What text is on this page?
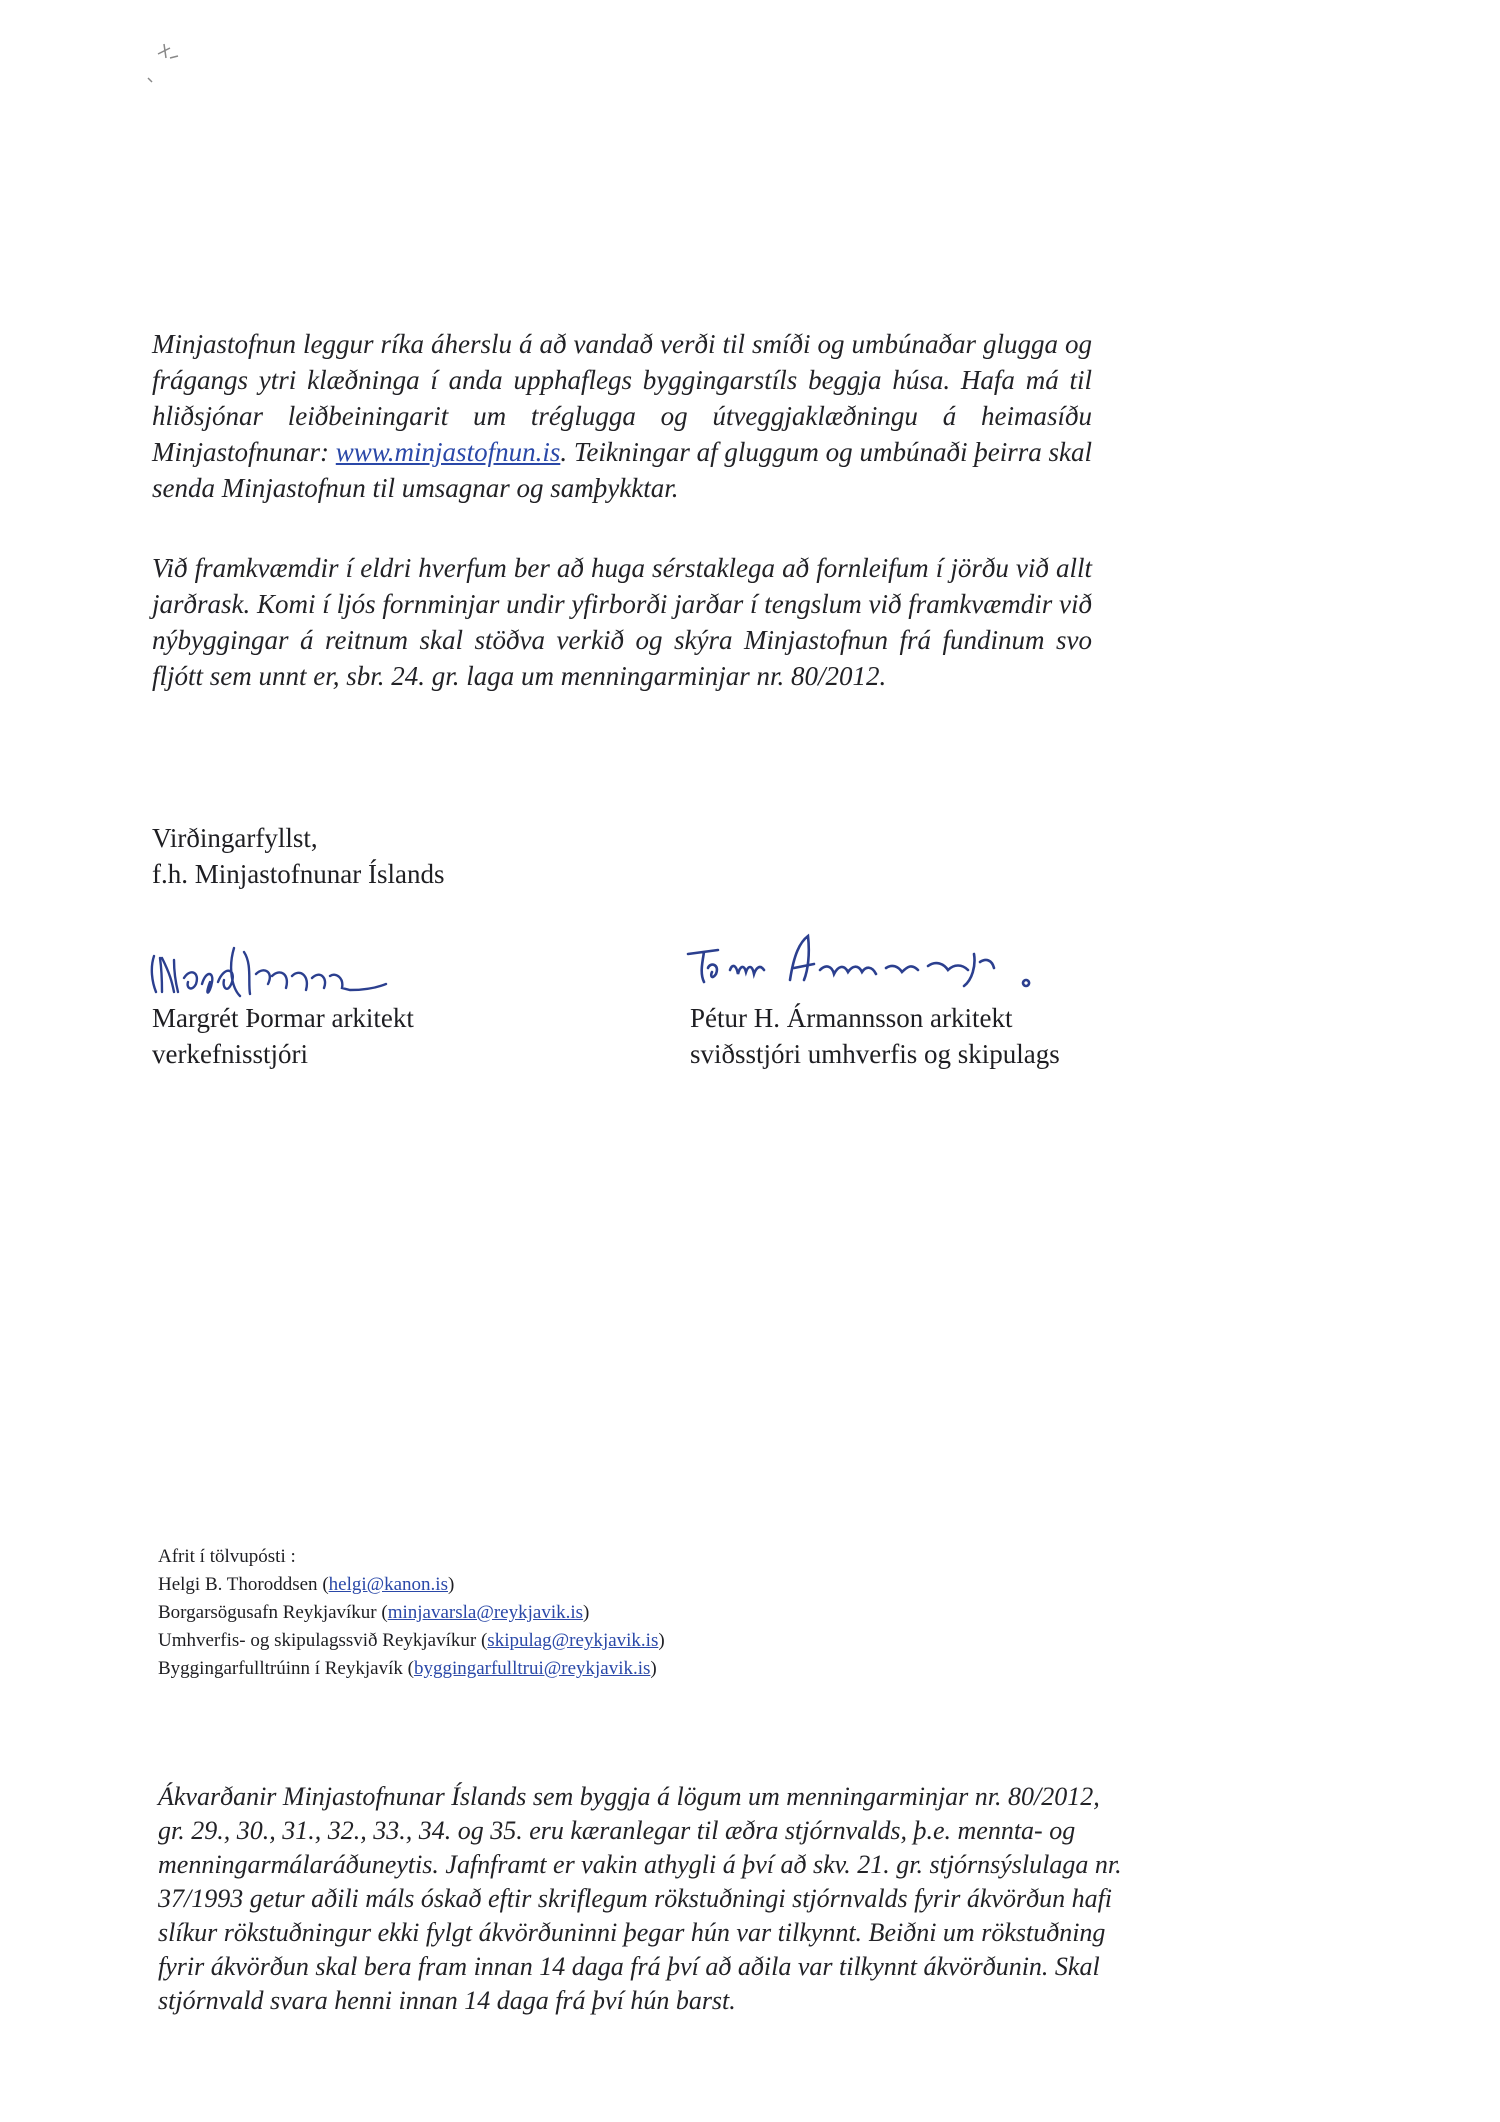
Minjastofnun leggur ríka áherslu á að vandað verði til smíði og umbúnaðar glugga og frágangs ytri klæðninga í anda upphaflegs byggingarstíls beggja húsa. Hafa má til hliðsjónar leiðbeiningarit um tréglugga og útveggjaklæðningu á heimasíðu Minjastofnunar: www.minjastofnun.is. Teikningar af gluggum og umbúnaði þeirra skal senda Minjastofnun til umsagnar og samþykktar.

Við framkvæmdir í eldri hverfum ber að huga sérstaklega að fornleifum í jörðu við allt jarðrask. Komi í ljós fornminjar undir yfirborði jarðar í tengslum við framkvæmdir við nýbyggingar á reitnum skal stöðva verkið og skýra Minjastofnun frá fundinum svo fljótt sem unnt er, sbr. 24. gr. laga um menningarminjar nr. 80/2012.

Virðingarfyllst,
f.h. Minjastofnunar Íslands
Margrét Þormar arkitekt
verkefnisstjóri
Pétur H. Ármannsson arkitekt
sviðsstjóri umhverfis og skipulags
Afrit í tölvupósti :
Helgi B. Thoroddsen (helgi@kanon.is)
Borgarsögusafn Reykjavíkur (minjavarsla@reykjavik.is)
Umhverfis- og skipulagssvið Reykjavíkur (skipulag@reykjavik.is)
Byggingarfulltrúinn í Reykjavík (byggingarfulltrui@reykjavik.is)

Ákvarðanir Minjastofnunar Íslands sem byggja á lögum um menningarminjar nr. 80/2012, gr. 29., 30., 31., 32., 33., 34. og 35. eru kæranlegar til æðra stjórnvalds, þ.e. mennta- og menningarmálaráðuneytis. Jafnframt er vakin athygli á því að skv. 21. gr. stjórnsýslulaga nr. 37/1993 getur aðili máls óskað eftir skriflegum rökstuðningi stjórnvalds fyrir ákvörðun hafi slíkur rökstuðningur ekki fylgt ákvörðuninni þegar hún var tilkynnt. Beiðni um rökstuðning fyrir ákvörðun skal bera fram innan 14 daga frá því að aðila var tilkynnt ákvörðunin. Skal stjórnvald svara henni innan 14 daga frá því hún barst.
